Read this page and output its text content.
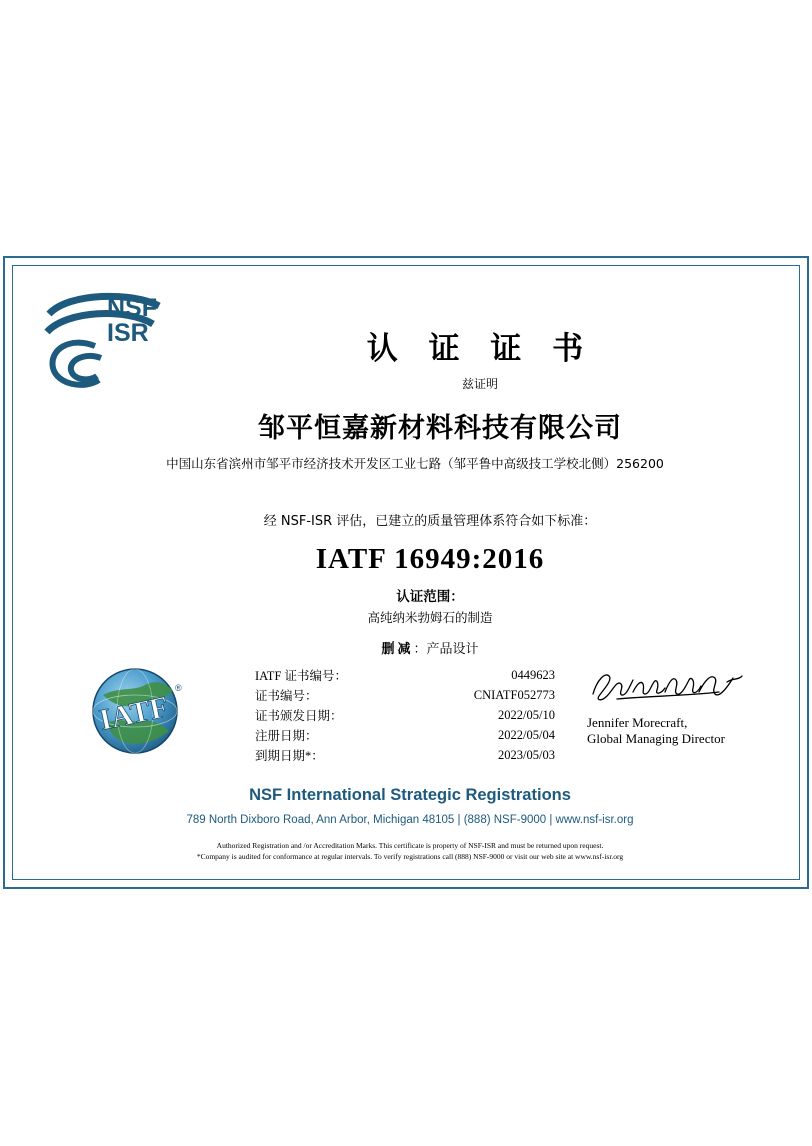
NSF
ISR	认 证 证 书
兹证明
邹平恒嘉新材料科技有限公司
中国山东省滨州市邹平市经济技术开发区工业七路（邹平鲁中高级技工学校北侧）256200
经 NSF-ISR 评估，已建立的质量管理体系符合如下标准：
IATF 16949:2016
认证范围：
高纯纳米勃姆石的制造
删减：产品设计
IATF
®
IATF 证书编号：	0449623
证书编号：	CNIATF052773
证书颁发日期：	2022/05/10
注册日期：	2022/05/04
到期日期*：	2023/05/03
Jennifer Morecraft,
Global Managing Director
NSF International Strategic Registrations
789 North Dixboro Road, Ann Arbor, Michigan 48105 | (888) NSF-9000 | www.nsf-isr.org
Authorized Registration and /or Accreditation Marks. This certificate is property of NSF-ISR and must be returned upon request.
*Company is audited for conformance at regular intervals. To verify registrations call (888) NSF-9000 or visit our web site at www.nsf-isr.org
